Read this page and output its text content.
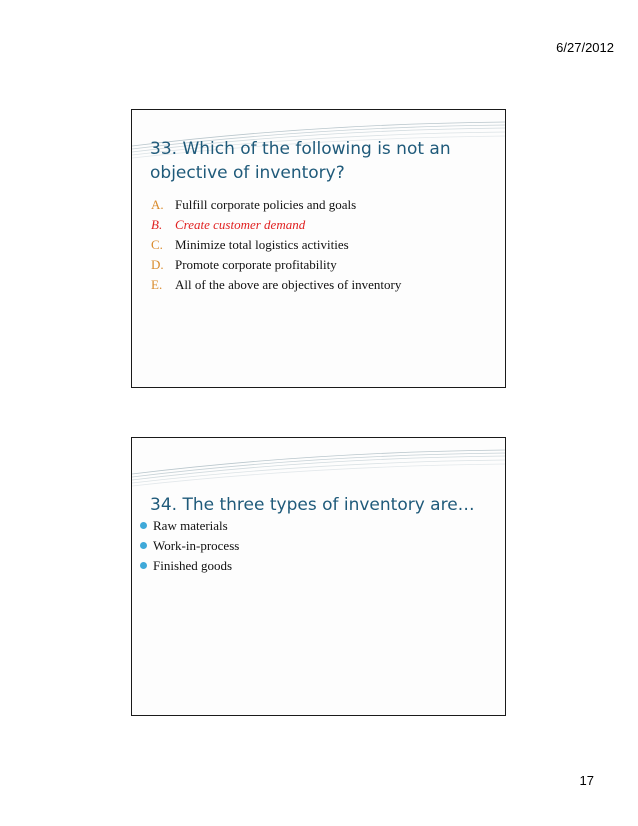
6/27/2012
33. Which of the following is not an objective of inventory?
A. Fulfill corporate policies and goals
B. Create customer demand
C. Minimize total logistics activities
D. Promote corporate profitability
E. All of the above are objectives of inventory
34. The three types of inventory are…
Raw materials
Work-in-process
Finished goods
17
